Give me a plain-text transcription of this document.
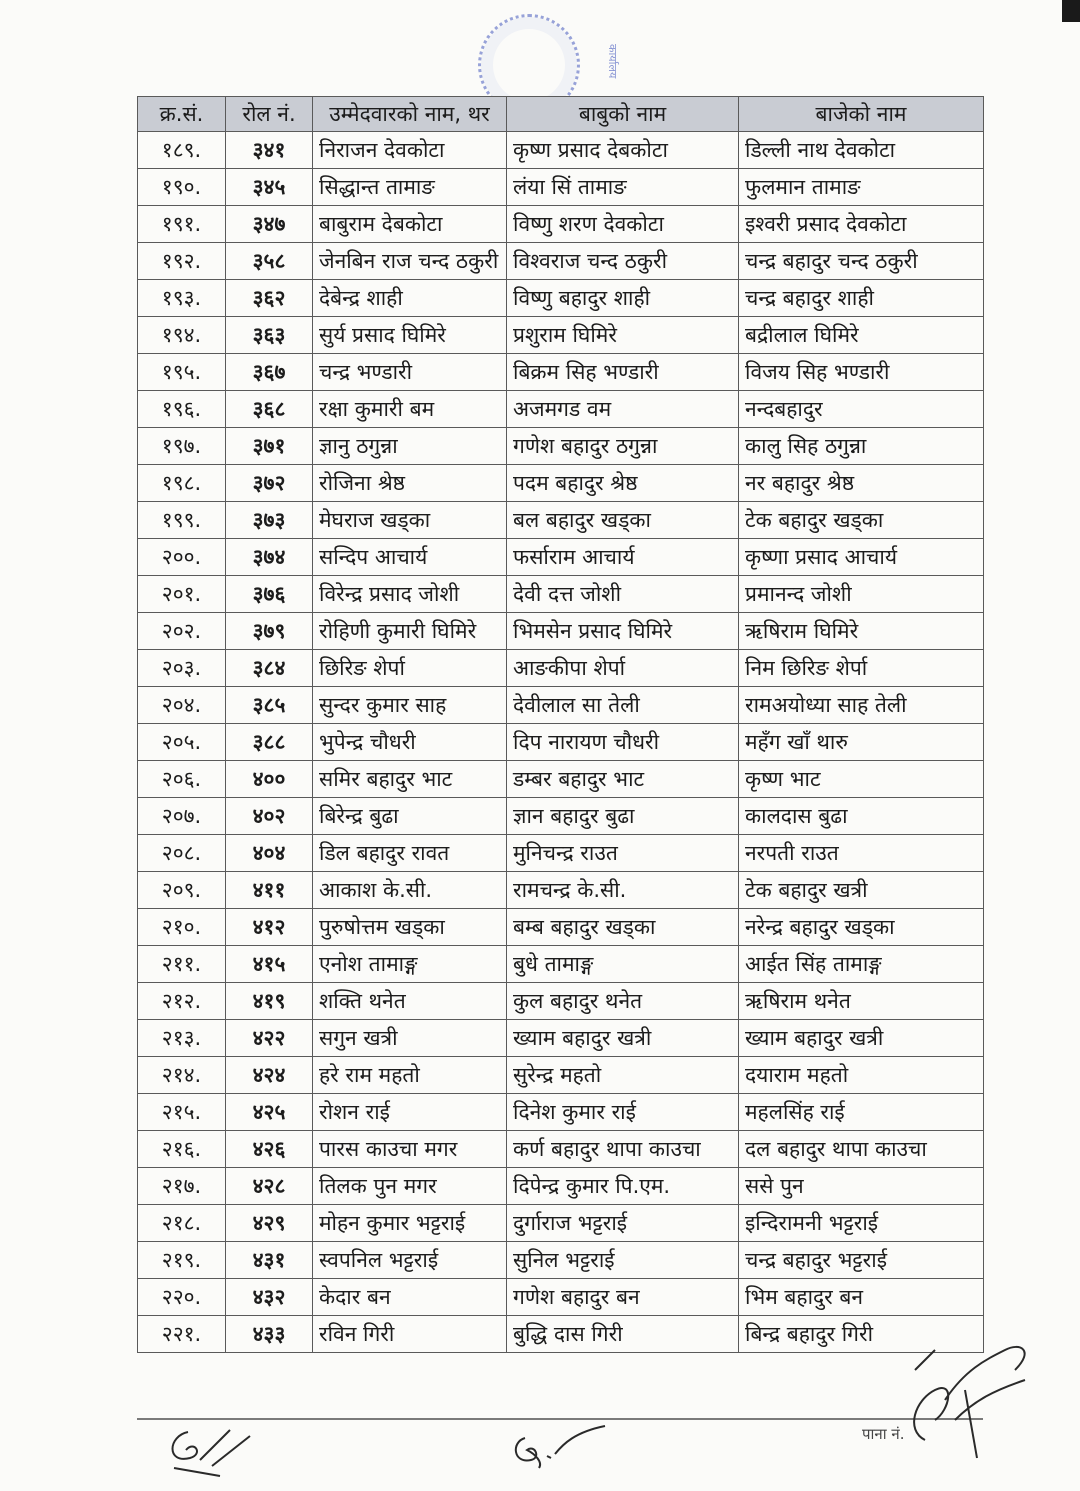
कार्यालय
क्र.सं.	रोल नं.	उम्मेदवारको नाम, थर	बाबुको नाम	बाजेको नाम
१८९.	३४१	निराजन देवकोटा	कृष्ण प्रसाद देबकोटा	डिल्ली नाथ देवकोटा
१९०.	३४५	सिद्धान्त तामाङ	लंया सिं तामाङ	फुलमान तामाङ
१९१.	३४७	बाबुराम देबकोटा	विष्णु शरण देवकोटा	इश्वरी प्रसाद देवकोटा
१९२.	३५८	जेनबिन राज चन्द ठकुरी	विश्वराज चन्द ठकुरी	चन्द्र बहादुर चन्द ठकुरी
१९३.	३६२	देबेन्द्र शाही	विष्णु बहादुर शाही	चन्द्र बहादुर शाही
१९४.	३६३	सुर्य प्रसाद घिमिरे	प्रशुराम घिमिरे	बद्रीलाल घिमिरे
१९५.	३६७	चन्द्र भण्डारी	बिक्रम सिह भण्डारी	विजय सिह भण्डारी
१९६.	३६८	रक्षा कुमारी बम	अजमगड वम	नन्दबहादुर
१९७.	३७१	ज्ञानु ठगुन्ना	गणेश बहादुर ठगुन्ना	कालु सिह ठगुन्ना
१९८.	३७२	रोजिना श्रेष्ठ	पदम बहादुर श्रेष्ठ	नर बहादुर श्रेष्ठ
१९९.	३७३	मेघराज खड्का	बल बहादुर खड्का	टेक बहादुर खड्का
२००.	३७४	सन्दिप आचार्य	फर्साराम आचार्य	कृष्णा प्रसाद आचार्य
२०१.	३७६	विरेन्द्र प्रसाद जोशी	देवी दत्त जोशी	प्रमानन्द जोशी
२०२.	३७९	रोहिणी कुमारी घिमिरे	भिमसेन प्रसाद घिमिरे	ऋषिराम घिमिरे
२०३.	३८४	छिरिङ शेर्पा	आङकीपा शेर्पा	निम छिरिङ शेर्पा
२०४.	३८५	सुन्दर कुमार साह	देवीलाल सा तेली	रामअयोध्या साह तेली
२०५.	३८८	भुपेन्द्र चौधरी	दिप नारायण चौधरी	महँग खाँ थारु
२०६.	४००	समिर बहादुर भाट	डम्बर बहादुर भाट	कृष्ण भाट
२०७.	४०२	बिरेन्द्र बुढा	ज्ञान बहादुर बुढा	कालदास बुढा
२०८.	४०४	डिल बहादुर रावत	मुनिचन्द्र राउत	नरपती राउत
२०९.	४११	आकाश के.सी.	रामचन्द्र के.सी.	टेक बहादुर खत्री
२१०.	४१२	पुरुषोत्तम खड्का	बम्ब बहादुर खड्का	नरेन्द्र बहादुर खड्का
२११.	४१५	एनोश तामाङ्ग	बुधे तामाङ्ग	आईत सिंह तामाङ्ग
२१२.	४१९	शक्ति थनेत	कुल बहादुर थनेत	ऋषिराम थनेत
२१३.	४२२	सगुन खत्री	ख्याम बहादुर खत्री	ख्याम बहादुर खत्री
२१४.	४२४	हरे राम महतो	सुरेन्द्र महतो	दयाराम महतो
२१५.	४२५	रोशन राई	दिनेश कुमार राई	महलसिंह राई
२१६.	४२६	पारस काउचा मगर	कर्ण बहादुर थापा काउचा	दल बहादुर थापा काउचा
२१७.	४२८	तिलक पुन मगर	दिपेन्द्र कुमार पि.एम.	ससे पुन
२१८.	४२९	मोहन कुमार भट्टराई	दुर्गाराज भट्टराई	इन्दिरामनी भट्टराई
२१९.	४३१	स्वपनिल भट्टराई	सुनिल भट्टराई	चन्द्र बहादुर भट्टराई
२२०.	४३२	केदार बन	गणेश बहादुर बन	भिम बहादुर बन
२२१.	४३३	रविन गिरी	बुद्धि दास गिरी	बिन्द्र बहादुर गिरी
पाना नं.
